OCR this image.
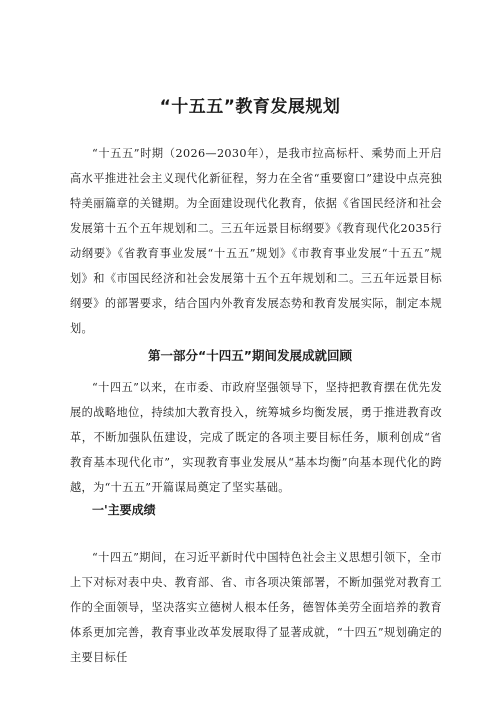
“十五五”教育发展规划

“十五五”时期（2026—2030年），是我市拉高标杆、乘势而上开启高水平推进社会主义现代化新征程，努力在全省“重要窗口”建设中点亮独特美丽篇章的关键期。为全面建设现代化教育，依据《省国民经济和社会发展第十五个五年规划和二。三五年远景目标纲要》《教育现代化2035行动纲要》《省教育事业发展“十五五”规划》《市教育事业发展“十五五”规划》和《市国民经济和社会发展第十五个五年规划和二。三五年远景目标纲要》的部署要求，结合国内外教育发展态势和教育发展实际，制定本规划。

第一部分“十四五”期间发展成就回顾

“十四五”以来，在市委、市政府坚强领导下，坚持把教育摆在优先发展的战略地位，持续加大教育投入，统筹城乡均衡发展，勇于推进教育改革，不断加强队伍建设，完成了既定的各项主要目标任务，顺利创成“省教育基本现代化市”，实现教育事业发展从“基本均衡”向基本现代化的跨越，为“十五五”开篇谋局奠定了坚实基础。

一'主要成绩

“十四五”期间，在习近平新时代中国特色社会主义思想引领下，全市上下对标对表中央、教育部、省、市各项决策部署，不断加强党对教育工作的全面领导，坚决落实立德树人根本任务，德智体美劳全面培养的教育体系更加完善，教育事业改革发展取得了显著成就，“十四五”规划确定的主要目标任
